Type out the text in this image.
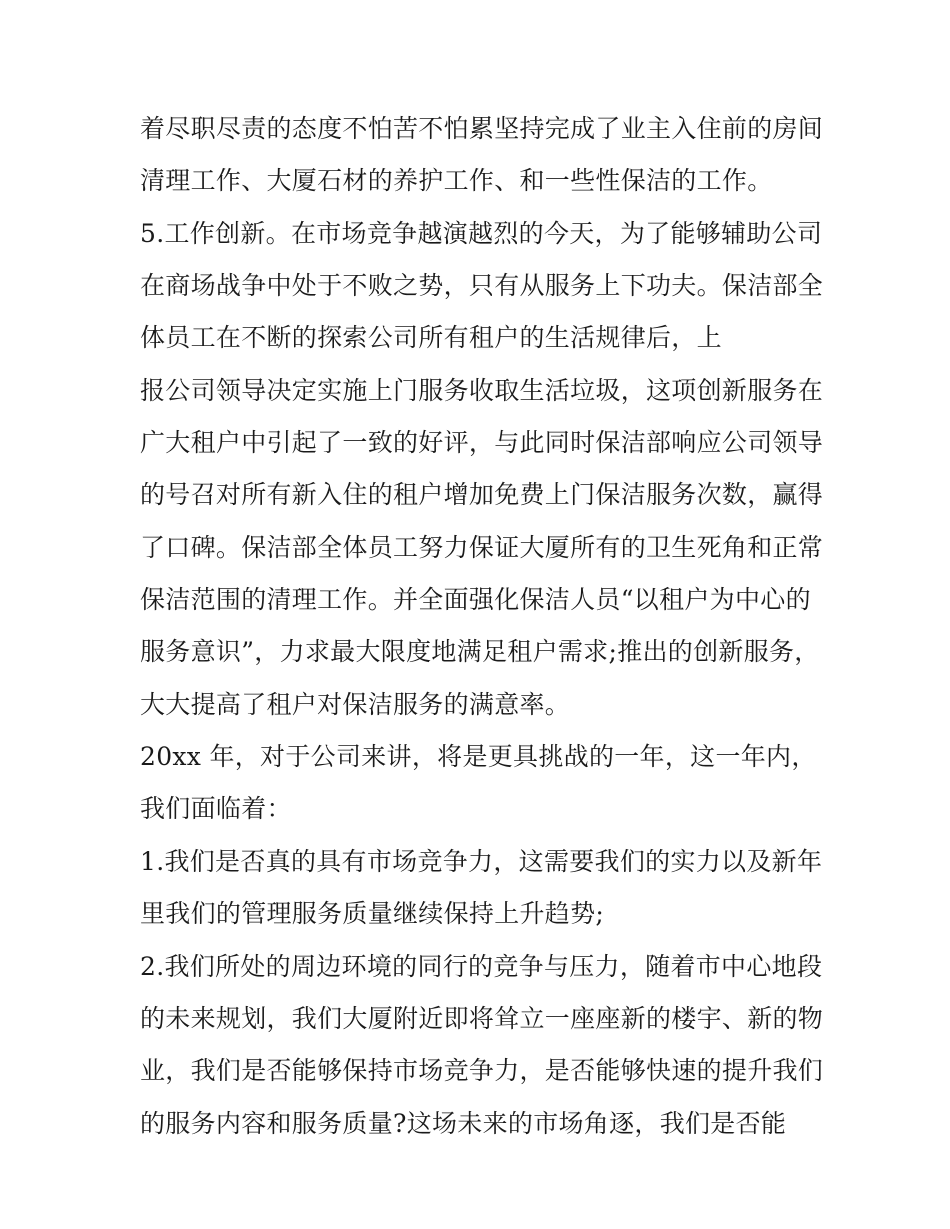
着尽职尽责的态度不怕苦不怕累坚持完成了业主入住前的房间
清理工作、大厦石材的养护工作、和一些性保洁的工作。
5.工作创新。在市场竞争越演越烈的今天，为了能够辅助公司
在商场战争中处于不败之势，只有从服务上下功夫。保洁部全
体员工在不断的探索公司所有租户的生活规律后，上
报公司领导决定实施上门服务收取生活垃圾，这项创新服务在
广大租户中引起了一致的好评，与此同时保洁部响应公司领导
的号召对所有新入住的租户增加免费上门保洁服务次数，赢得
了口碑。保洁部全体员工努力保证大厦所有的卫生死角和正常
保洁范围的清理工作。并全面强化保洁人员“以租户为中心的
服务意识”，力求最大限度地满足租户需求;推出的创新服务，
大大提高了租户对保洁服务的满意率。
20xx 年，对于公司来讲，将是更具挑战的一年，这一年内，
我们面临着：
1.我们是否真的具有市场竞争力，这需要我们的实力以及新年
里我们的管理服务质量继续保持上升趋势;
2.我们所处的周边环境的同行的竞争与压力，随着市中心地段
的未来规划，我们大厦附近即将耸立一座座新的楼宇、新的物
业，我们是否能够保持市场竞争力，是否能够快速的提升我们
的服务内容和服务质量?这场未来的市场角逐，我们是否能
